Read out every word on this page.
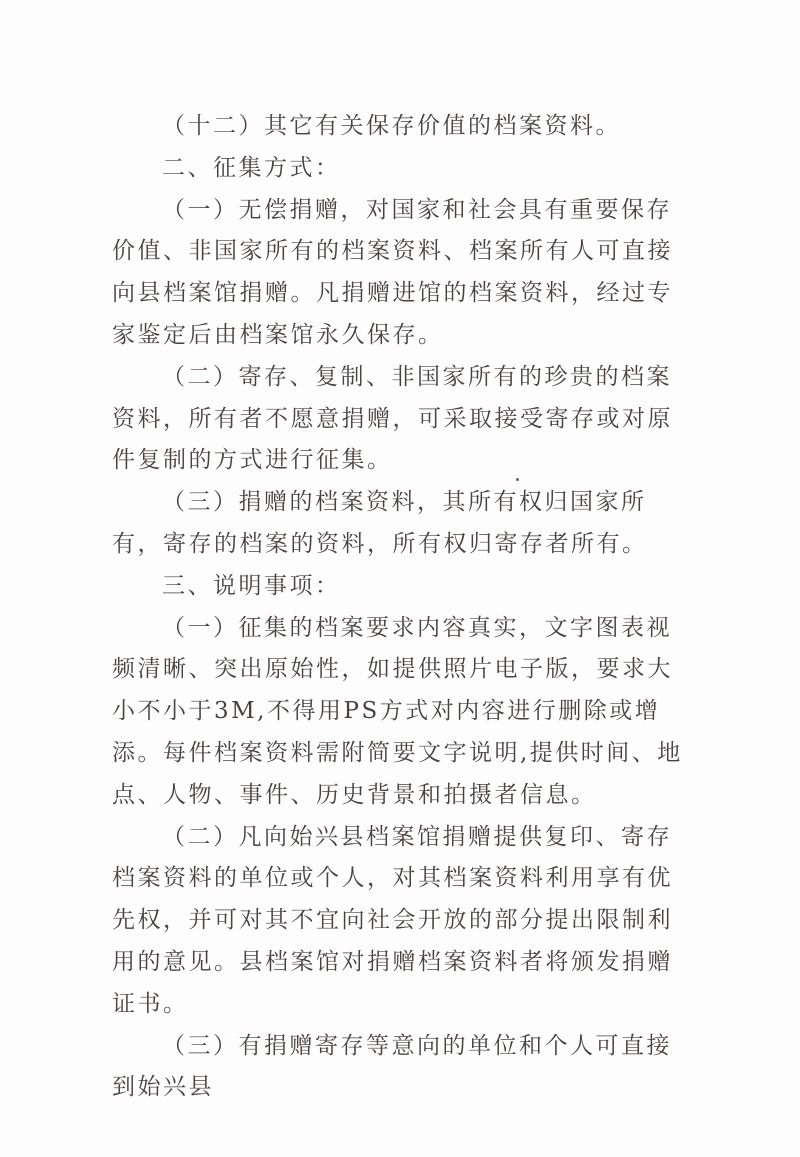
（十二）其它有关保存价值的档案资料。

二、征集方式：

（一）无偿捐赠，对国家和社会具有重要保存价值、非国家所有的档案资料、档案所有人可直接向县档案馆捐赠。凡捐赠进馆的档案资料，经过专家鉴定后由档案馆永久保存。

（二）寄存、复制、非国家所有的珍贵的档案资料，所有者不愿意捐赠，可采取接受寄存或对原件复制的方式进行征集。

（三）捐赠的档案资料，其所有权归国家所有，寄存的档案的资料，所有权归寄存者所有。

三、说明事项：

（一）征集的档案要求内容真实，文字图表视频清晰、突出原始性，如提供照片电子版，要求大小不小于3M,不得用PS方式对内容进行删除或增添。每件档案资料需附简要文字说明,提供时间、地点、人物、事件、历史背景和拍摄者信息。

（二）凡向始兴县档案馆捐赠提供复印、寄存档案资料的单位或个人，对其档案资料利用享有优先权，并可对其不宜向社会开放的部分提出限制利用的意见。县档案馆对捐赠档案资料者将颁发捐赠证书。

（三）有捐赠寄存等意向的单位和个人可直接到始兴县
